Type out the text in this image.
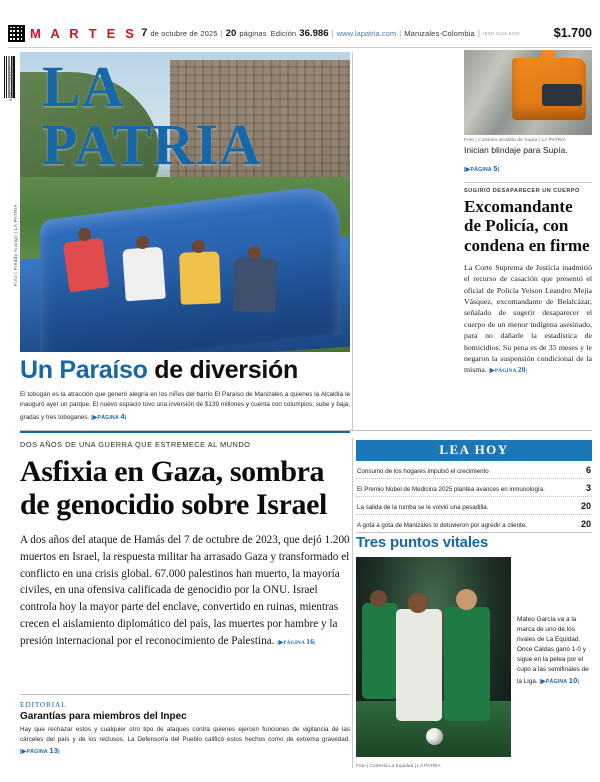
M A R T E S 7 de octubre de 2025 | 20 páginas Edición 36.986 | www.lapatria.com | Manizales-Colombia | ISSN 0124-5220	$1.700
7 709998 720699 LA PATRIA
Foto | Freddy Arango | LA PATRIA
Foto | Cortesía alcaldía de Supía | LA PATRIA
Inician blindaje para Supía.
|▶PÁGINA 5|
SUGIRIÓ DESAPARECER UN CUERPO
Excomandante de Policía, con condena en firme
La Corte Suprema de Justicia inadmitió el recurso de casación que presentó el oficial de Policía Yeison Leandro Mejía Vásquez, excomandante de Belalcázar, señalado de sugerir desaparecer el cuerpo de un menor indígena asesinado, para no dañarle la estadística de homicidios. Su pena es de 35 meses y le negaron la suspensión condicional de la misma. |▶PÁGINA 20|
Un Paraíso de diversión

El tobogán es la atracción que generó alegría en los niños del barrio El Paraíso de Manizales a quienes la Alcaldía le inauguró ayer un parque. El nuevo espacio tuvo una inversión de $139 millones y cuenta con columpios, sube y baja, gradas y tres toboganes. |▶PÁGINA 4|

DOS AÑOS DE UNA GUERRA QUE ESTREMECE AL MUNDO
Asfixia en Gaza, sombra de genocidio sobre Israel
A dos años del ataque de Hamás del 7 de octubre de 2023, que dejó 1.200 muertos en Israel, la respuesta militar ha arrasado Gaza y transformado el conflicto en una crisis global. 67.000 palestinos han muerto, la mayoría civiles, en una ofensiva calificada de genocidio por la ONU. Israel controla hoy la mayor parte del enclave, convertido en ruinas, mientras crecen el aislamiento diplomático del país, las muertes por hambre y la presión internacional por el reconocimiento de Palestina. |▶PÁGINA 16|
EDITORIAL
Garantías para miembros del Inpec
Hay que rechazar estos y cualquier otro tipo de ataques contra quienes ejercen funciones de vigilancia de las cárceles del país y de los reclusos. La Defensoría del Pueblo calificó estos hechos como de extrema gravedad. |▶PÁGINA 13|
LEA HOY
Consumo de los hogares impulsó el crecimiento	6
El Premio Nobel de Medicina 2025 plantea avances en inmunología.	3
La salida de la rumba se le volvió una pesadilla.	20
A gota a gota de Manizales lo detuvieron por agredir a cliente.	20
Tres puntos vitales
Mateo García va a la marca de uno de los rivales de La Equidad. Once Caldas ganó 1-0 y sigue en la pelea por el cupo a las semifinales de la Liga. |▶PÁGINA 10|
Foto | Cortesía La Equidad | LA PATRIA
